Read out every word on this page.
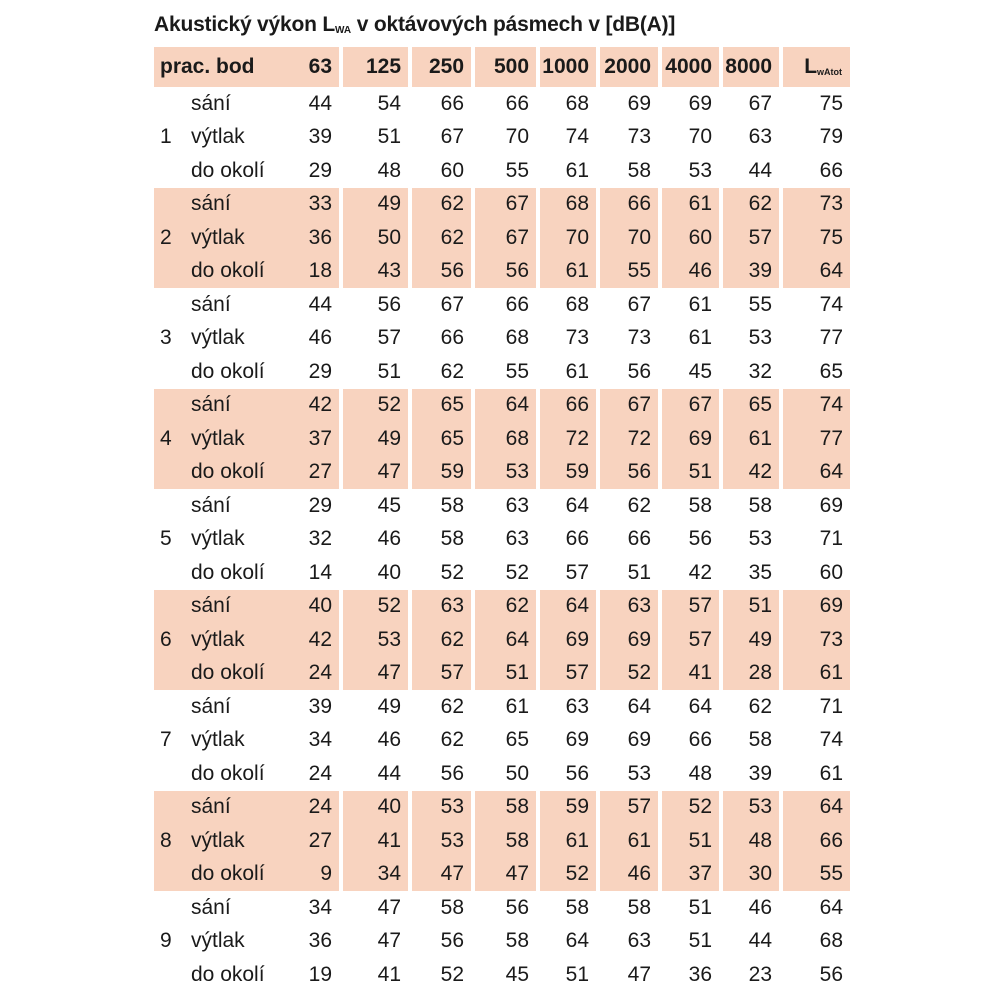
Akustický výkon $L_{WA}$ v oktávových pásmech v [dB(A)]
prac. bod		63	125	250	500	1000	2000	4000	8000	$L_{wAtot}$
1	sání	44	54	66	66	68	69	69	67	75
	výtlak	39	51	67	70	74	73	70	63	79
	do okolí	29	48	60	55	61	58	53	44	66
2	sání	33	49	62	67	68	66	61	62	73
	výtlak	36	50	62	67	70	70	60	57	75
	do okolí	18	43	56	56	61	55	46	39	64
3	sání	44	56	67	66	68	67	61	55	74
	výtlak	46	57	66	68	73	73	61	53	77
	do okolí	29	51	62	55	61	56	45	32	65
4	sání	42	52	65	64	66	67	67	65	74
	výtlak	37	49	65	68	72	72	69	61	77
	do okolí	27	47	59	53	59	56	51	42	64
5	sání	29	45	58	63	64	62	58	58	69
	výtlak	32	46	58	63	66	66	56	53	71
	do okolí	14	40	52	52	57	51	42	35	60
6	sání	40	52	63	62	64	63	57	51	69
	výtlak	42	53	62	64	69	69	57	49	73
	do okolí	24	47	57	51	57	52	41	28	61
7	sání	39	49	62	61	63	64	64	62	71
	výtlak	34	46	62	65	69	69	66	58	74
	do okolí	24	44	56	50	56	53	48	39	61
8	sání	24	40	53	58	59	57	52	53	64
	výtlak	27	41	53	58	61	61	51	48	66
	do okolí	9	34	47	47	52	46	37	30	55
9	sání	34	47	58	56	58	58	51	46	64
	výtlak	36	47	56	58	64	63	51	44	68
	do okolí	19	41	52	45	51	47	36	23	56
